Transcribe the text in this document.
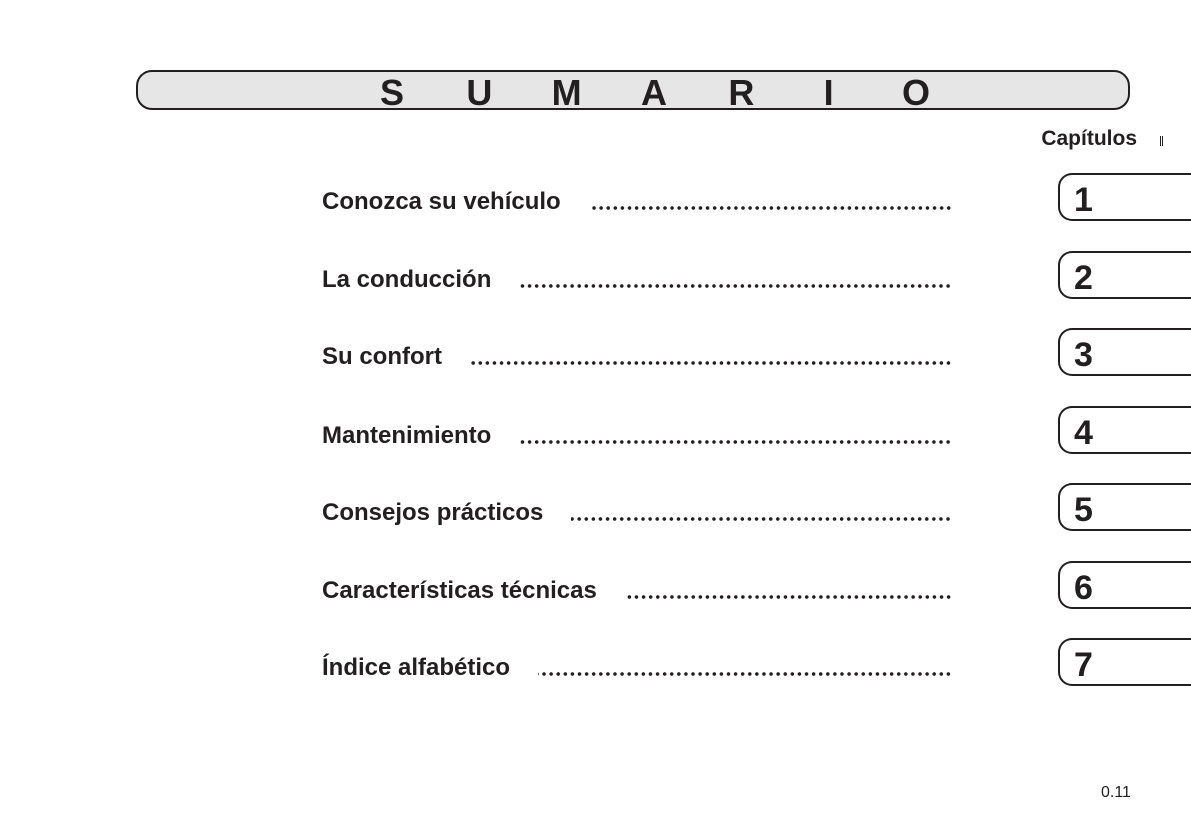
S U M A R	I	O
Capítulos
Conozca su vehículo
La conducción
Su confort
Mantenimiento
Consejos prácticos
Características técnicas
Índice alfabético
1
2
3
4
5
6
7
0.11
